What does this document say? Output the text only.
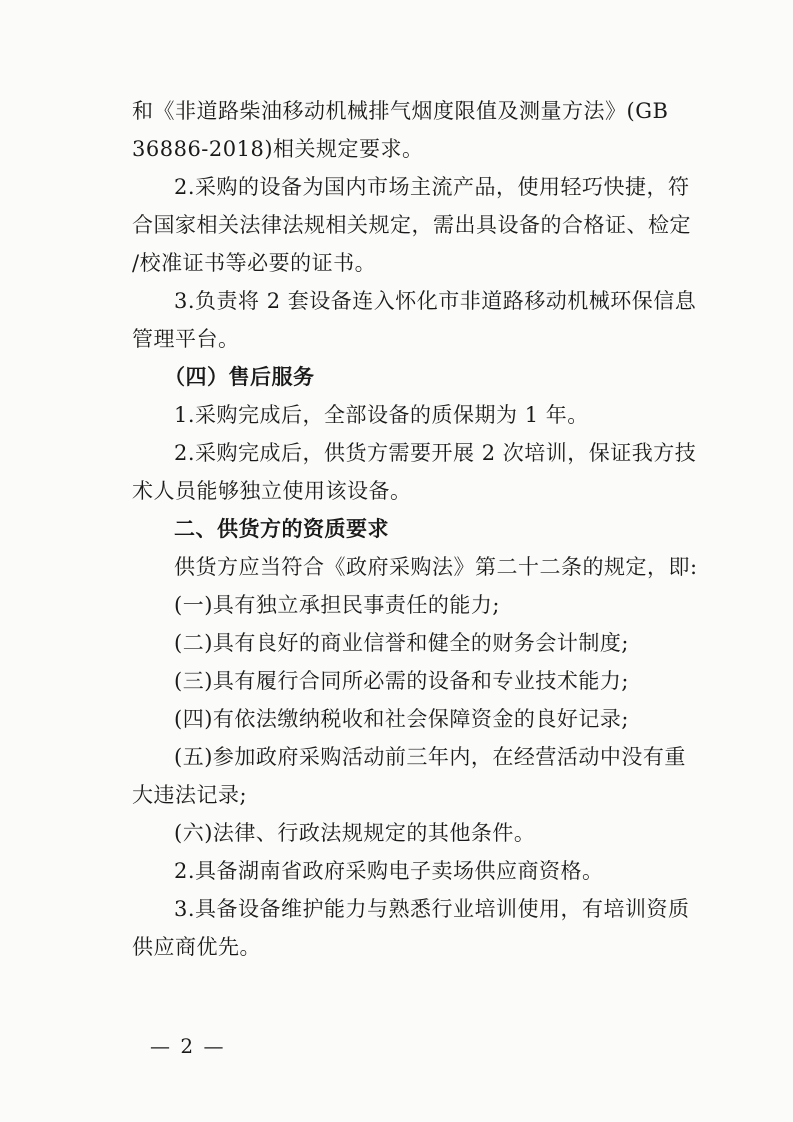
和《非道路柴油移动机械排气烟度限值及测量方法》(GB
36886-2018)相关规定要求。
2.采购的设备为国内市场主流产品，使用轻巧快捷，符
合国家相关法律法规相关规定，需出具设备的合格证、检定
/校准证书等必要的证书。
3.负责将 2 套设备连入怀化市非道路移动机械环保信息
管理平台。
（四）售后服务
1.采购完成后，全部设备的质保期为 1 年。
2.采购完成后，供货方需要开展 2 次培训，保证我方技
术人员能够独立使用该设备。
二、供货方的资质要求
供货方应当符合《政府采购法》第二十二条的规定，即:
(一)具有独立承担民事责任的能力;
(二)具有良好的商业信誉和健全的财务会计制度;
(三)具有履行合同所必需的设备和专业技术能力;
(四)有依法缴纳税收和社会保障资金的良好记录;
(五)参加政府采购活动前三年内，在经营活动中没有重
大违法记录;
(六)法律、行政法规规定的其他条件。
2.具备湖南省政府采购电子卖场供应商资格。
3.具备设备维护能力与熟悉行业培训使用，有培训资质
供应商优先。
— 2 —
